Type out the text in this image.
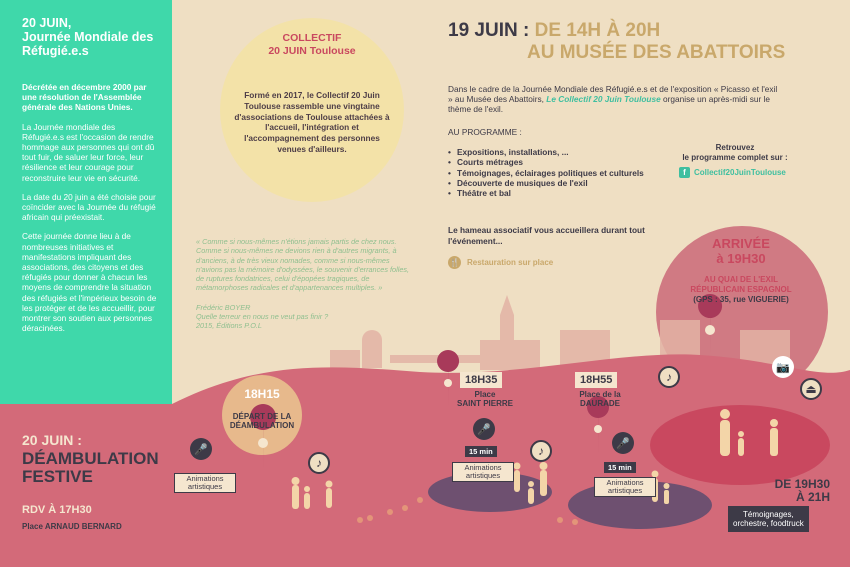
20 JUIN,
Journée Mondiale des Réfugié.e.s

Décrétée en décembre 2000 par une résolution de l'Assemblée générale des Nations Unies.

La Journée mondiale des Réfugié.e.s est l'occasion de rendre hommage aux personnes qui ont dû tout fuir, de saluer leur force, leur résilience et leur courage pour reconstruire leur vie en sécurité.

La date du 20 juin a été choisie pour coïncider avec la Journée du réfugié africain qui préexistait.

Cette journée donne lieu à de nombreuses initiatives et manifestations impliquant des associations, des citoyens et des réfugiés pour donner à chacun les moyens de comprendre la situation des réfugiés et l'impérieux besoin de les protéger et de les accueillir, pour montrer son soutien aux personnes déracinées.

COLLECTIF
20 JUIN Toulouse
Formé en 2017, le Collectif 20 Juin Toulouse rassemble une vingtaine d'associations de Toulouse attachées à l'accueil, l'intégration et l'accompagnement des personnes venues d'ailleurs.
« Comme si nous-mêmes n'étions jamais partis de chez nous. Comme si nous-mêmes ne devions rien à d'autres migrants, à d'anciens, à de très vieux nomades, comme si nous-mêmes n'avions pas la mémoire d'odyssées, le souvenir d'errances folles, de ruptures fondatrices, celui d'épopées tragiques, de métamorphoses radicales et d'appartenances multiples. »
Frédéric BOYER
Quelle terreur en nous ne veut pas finir ?
2015, Éditions P.O.L
19 JUIN : DE 14H À 20H
AU MUSÉE DES ABATTOIRS
Dans le cadre de la Journée Mondiale des Réfugié.e.s et de l'exposition « Picasso et l'exil » au Musée des Abattoirs, Le Collectif 20 Juin Toulouse organise un après-midi sur le thème de l'exil.
AU PROGRAMME :
• Expositions, installations, ...
• Courts métrages
• Témoignages, éclairages politiques et culturels
• Découverte de musiques de l'exil
• Théâtre et bal
Le hameau associatif vous accueillera durant tout l'événement...
🍴 Restauration sur place
Retrouvez
le programme complet sur :
f	Collectif20JuinToulouse
ARRIVÉE
à 19H30
AU QUAI DE L'EXIL
RÉPUBLICAIN ESPAGNOL
(GPS : 35, rue VIGUERIE)
20 JUIN :
DÉAMBULATION FESTIVE
RDV À 17H30
Place ARNAUD BERNARD
18H15
DÉPART DE LA DÉAMBULATION
🎤
Animations artistiques
♪
18H35
Place
SAINT PIERRE
🎤
15 min
Animations artistiques
♪
18H55
Place de la
DAURADE
🎤
15 min
Animations artistiques
♪
📷
⏏
DE 19H30
À 21H
Témoignages,
orchestre, foodtruck
